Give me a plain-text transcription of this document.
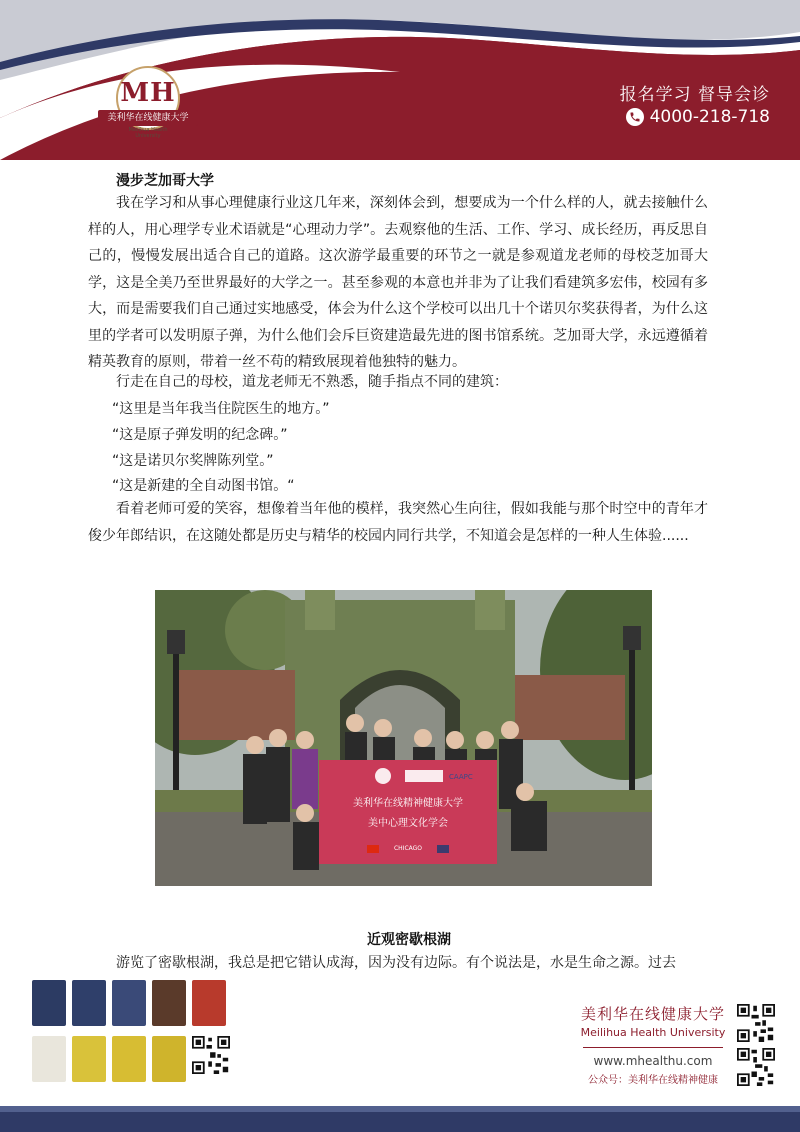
MH
美利华在线健康大学
Meilihua Health University
报名学习 督导会诊
4000-218-718
漫步芝加哥大学
我在学习和从事心理健康行业这几年来，深刻体会到，想要成为一个什么样的人，就去接触什么样的人，用心理学专业术语就是“心理动力学”。去观察他的生活、工作、学习、成长经历，再反思自己的，慢慢发展出适合自己的道路。这次游学最重要的环节之一就是参观道龙老师的母校芝加哥大学，这是全美乃至世界最好的大学之一。甚至参观的本意也并非为了让我们看建筑多宏伟，校园有多大，而是需要我们自己通过实地感受，体会为什么这个学校可以出几十个诺贝尔奖获得者，为什么这里的学者可以发明原子弹，为什么他们会斥巨资建造最先进的图书馆系统。芝加哥大学，永远遵循着精英教育的原则，带着一丝不苟的精致展现着他独特的魅力。
行走在自己的母校，道龙老师无不熟悉，随手指点不同的建筑：
“这里是当年我当住院医生的地方。”
“这是原子弹发明的纪念碑。”
“这是诺贝尔奖牌陈列堂。”
“这是新建的全自动图书馆。“
看着老师可爱的笑容，想像着当年他的模样，我突然心生向往，假如我能与那个时空中的青年才俊少年郎结识，在这随处都是历史与精华的校园内同行共学，不知道会是怎样的一种人生体验......
CAAPC
美利华在线精神健康大学
美中心理文化学会
CHICAGO
近观密歇根湖
游览了密歇根湖，我总是把它错认成海，因为没有边际。有个说法是，水是生命之源。过去
美利华在线健康大学
Meilihua Health University
www.mhealthu.com
公众号：美利华在线精神健康
